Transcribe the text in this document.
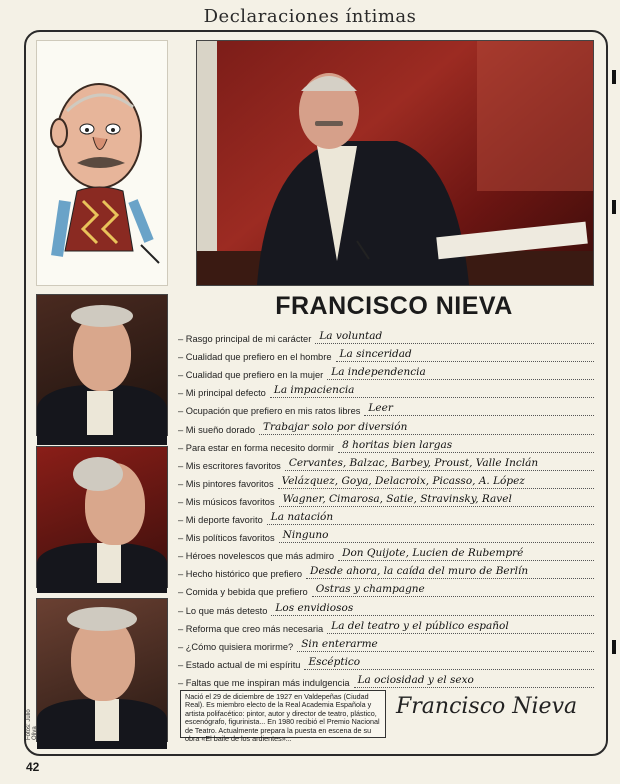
Declaraciones íntimas
FRANCISCO NIEVA
– Rasgo principal de mi carácter La voluntad
– Cualidad que prefiero en el hombre La sinceridad
– Cualidad que prefiero en la mujer La independencia
– Mi principal defecto La impaciencia
– Ocupación que prefiero en mis ratos libres Leer
– Mi sueño dorado Trabajar solo por diversión
– Para estar en forma necesito dormir 8 horitas bien largas
– Mis escritores favoritos Cervantes, Balzac, Barbey, Proust, Valle Inclán
– Mis pintores favoritos Velázquez, Goya, Delacroix, Picasso, A. López
– Mis músicos favoritos Wagner, Cimarosa, Satie, Stravinsky, Ravel
– Mi deporte favorito La natación
– Mis políticos favoritos Ninguno
– Héroes novelescos que más admiro Don Quijote, Lucien de Rubempré
– Hecho histórico que prefiero Desde ahora, la caída del muro de Berlín
– Comida y bebida que prefiero Ostras y champagne
– Lo que más detesto Los envidiosos
– Reforma que creo más necesaria La del teatro y el público español
– ¿Cómo quisiera morirme? Sin enterarme
– Estado actual de mi espíritu Escéptico
– Faltas que me inspiran más indulgencia La ociosidad y el sexo
Nació el 29 de diciembre de 1927 en Valdepeñas (Ciudad Real). Es miembro electo de la Real Academia Española y artista polifacético: pintor, autor y director de teatro, plástico, escenógrafo, figurinista... En 1980 recibió el Premio Nacional de Teatro. Actualmente prepara la puesta en escena de su obra «El baile de los ardientes»...
Francisco Nieva
Fotos: Julio Oliva
42
